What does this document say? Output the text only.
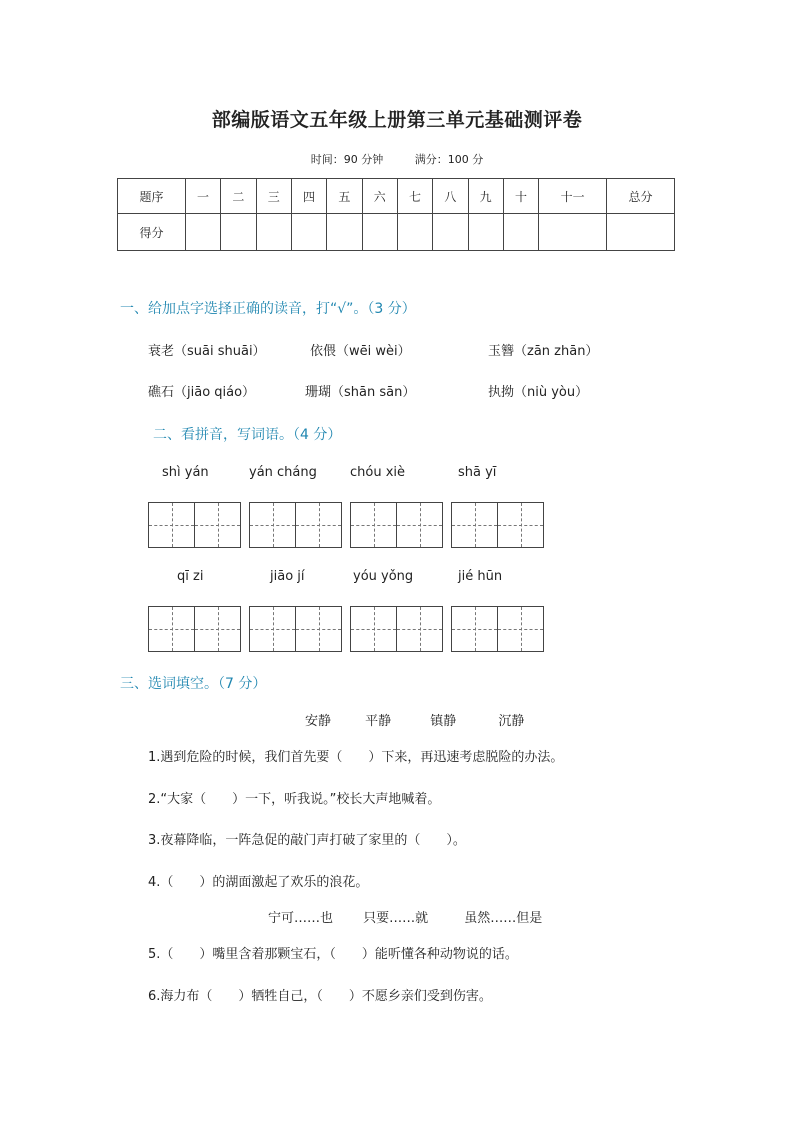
部编版语文五年级上册第三单元基础测评卷
时间：90 分钟	满分：100 分
题序	一	二	三	四	五	六	七	八	九	十	十一	总分
得分												
一、给加点字选择正确的读音，打“√”。（3 分）
衰老（suāi shuāi）	依偎（wēi wèi）	玉簪（zān zhān）
礁石（jiāo qiáo）	珊瑚（shān sān）	执拗（niù yòu）
二、看拼音，写词语。（4 分）
shì yán	yán cháng	chóu xiè	shā yī
qī zi	jiāo jí	yóu yǒng	jié hūn
三、选词填空。（7 分）
安静	平静	镇静	沉静
1.遇到危险的时候，我们首先要（　　）下来，再迅速考虑脱险的办法。
2.“大家（　　）一下，听我说。”校长大声地喊着。
3.夜幕降临，一阵急促的敲门声打破了家里的（　　）。
4.（　　）的湖面激起了欢乐的浪花。
宁可……也 只要……就	虽然……但是
5.（　　）嘴里含着那颗宝石，（　　）能听懂各种动物说的话。
6.海力布（　　）牺牲自己，（　　）不愿乡亲们受到伤害。
